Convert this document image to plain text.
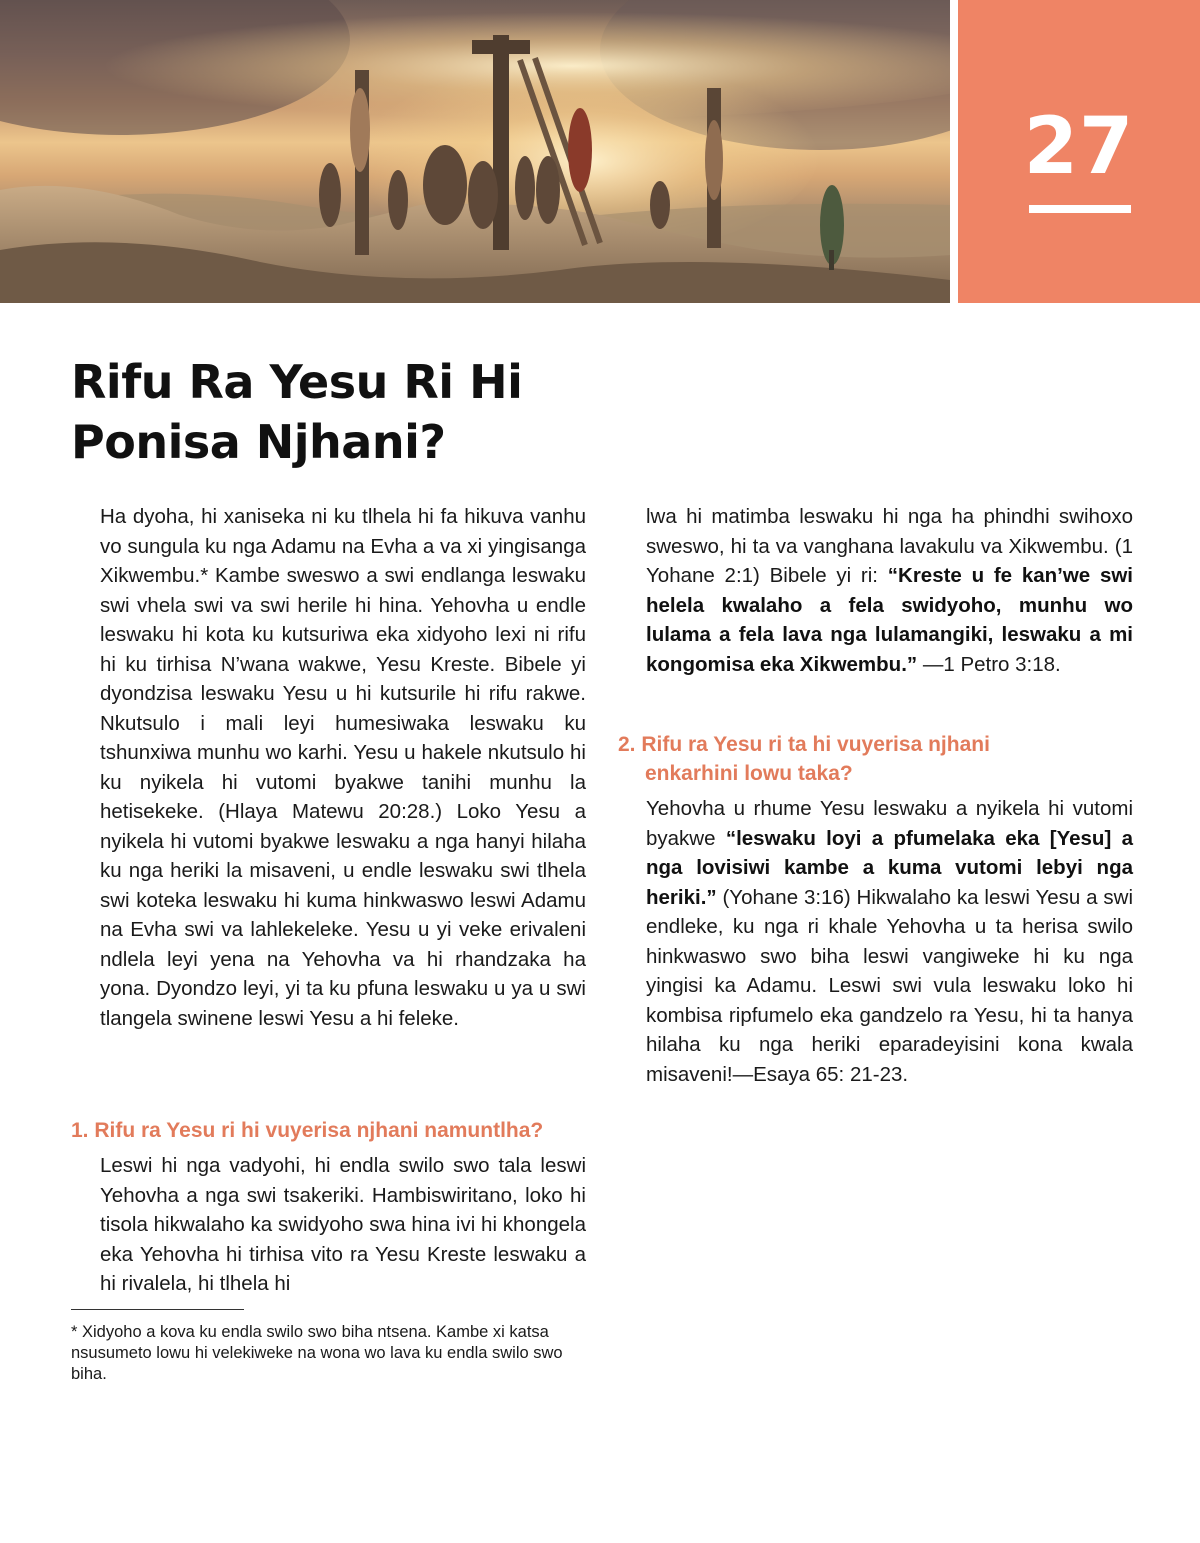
27
Rifu Ra Yesu Ri Hi
Ponisa Njhani?

Ha dyoha, hi xaniseka ni ku tlhela hi fa hikuva vanhu vo sungula ku nga Adamu na Evha a va xi yingisanga Xikwembu.* Kambe sweswo a swi endlanga leswaku swi vhela swi va swi herile hi hina. Yehovha u endle leswaku hi kota ku kutsuriwa eka xidyoho lexi ni rifu hi ku tirhisa N’wana wakwe, Yesu Kreste. Bibele yi dyondzisa leswaku Yesu u hi kutsurile hi rifu rakwe. Nkutsulo i mali leyi humesiwaka leswaku ku tshunxiwa munhu wo karhi. Yesu u hakele nkutsulo hi ku nyikela hi vutomi byakwe tanihi munhu la hetisekeke. (Hlaya Matewu 20:28.) Loko Yesu a nyikela hi vutomi byakwe leswaku a nga hanyi hilaha ku nga heriki la misaveni, u endle leswaku swi tlhela swi koteka leswaku hi kuma hinkwaswo leswi Adamu na Evha swi va lahlekeleke. Yesu u yi veke erivaleni ndlela leyi yena na Yehovha va hi rhandzaka ha yona. Dyondzo leyi, yi ta ku pfuna leswaku u ya u swi tlangela swinene leswi Yesu a hi feleke.

1. Rifu ra Yesu ri hi vuyerisa njhani namuntlha?

Leswi hi nga vadyohi, hi endla swilo swo tala leswi Yehovha a nga swi tsakeriki. Hambiswiritano, loko hi tisola hikwalaho ka swidyoho swa hina ivi hi khongela eka Yehovha hi tirhisa vito ra Yesu Kreste leswaku a hi rivalela, hi tlhela hi

lwa hi matimba leswaku hi nga ha phindhi swihoxo sweswo, hi ta va vanghana lavakulu va Xikwembu. (1 Yohane 2:1) Bibele yi ri: “Kreste u fe kan’we swi helela kwalaho a fela swidyoho, munhu wo lulama a fela lava nga lulamangiki, leswaku a mi kongomisa eka Xikwembu.” —1 Petro 3:18.

2. Rifu ra Yesu ri ta hi vuyerisa njhani enkarhini lowu taka?

Yehovha u rhume Yesu leswaku a nyikela hi vutomi byakwe “leswaku loyi a pfumelaka eka [Yesu] a nga lovisiwi kambe a kuma vutomi lebyi nga heriki.” (Yohane 3:16) Hikwalaho ka leswi Yesu a swi endleke, ku nga ri khale Yehovha u ta herisa swilo hinkwaswo swo biha leswi vangiweke hi ku nga yingisi ka Adamu. Leswi swi vula leswaku loko hi kombisa ripfumelo eka gandzelo ra Yesu, hi ta hanya hilaha ku nga heriki eparadeyisini kona kwala misaveni!—Esaya 65: 21-23.

* Xidyoho a kova ku endla swilo swo biha ntsena. Kambe xi katsa nsusumeto lowu hi velekiweke na wona wo lava ku endla swilo swo biha.
